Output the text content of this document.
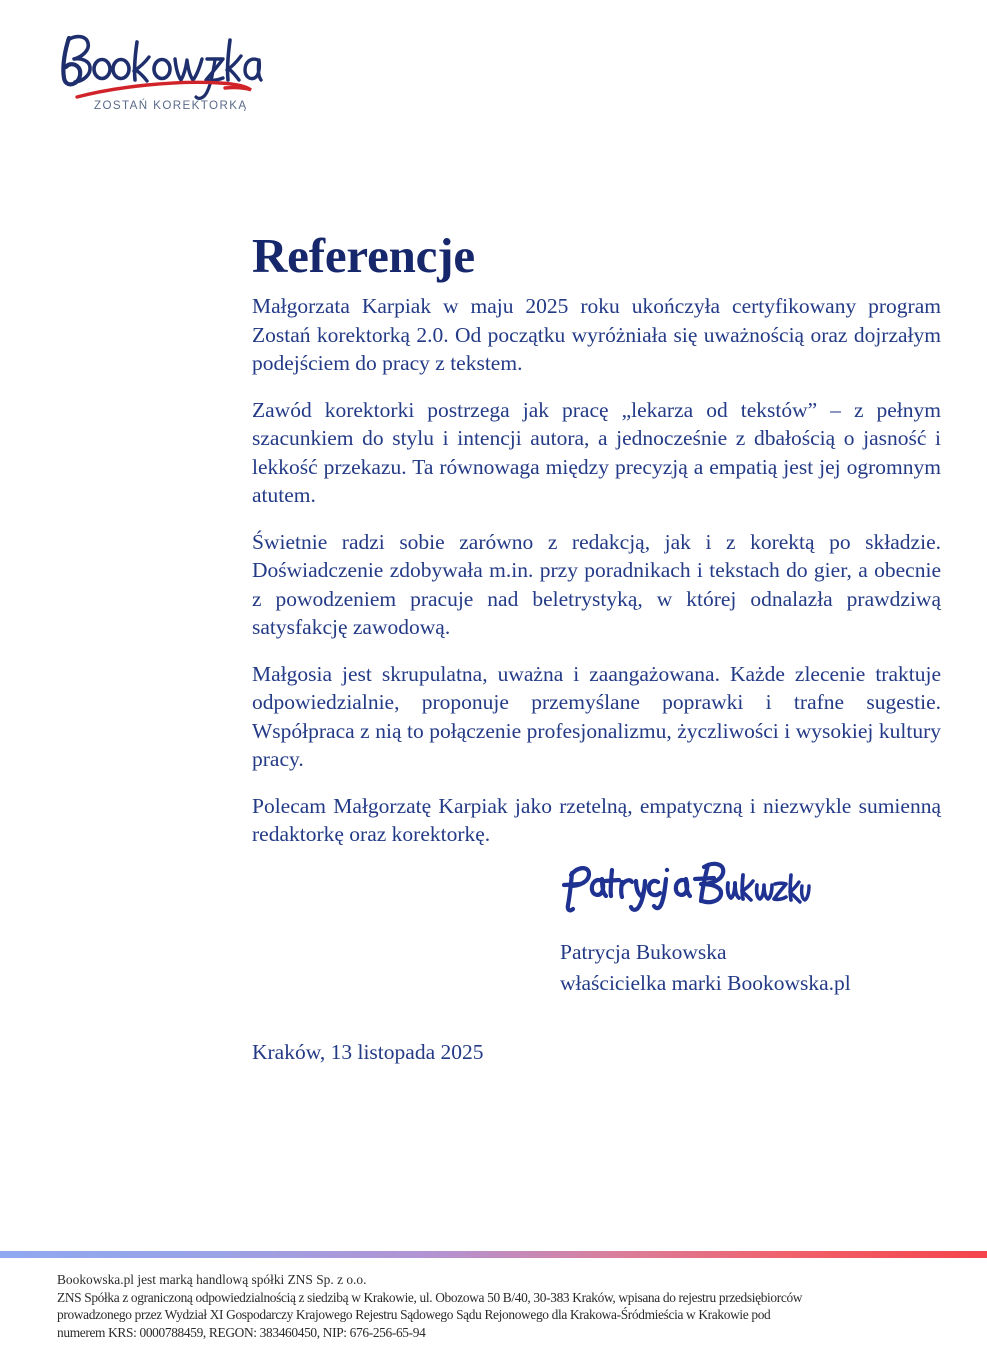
ZOSTAŃ KOREKTORKĄ
Referencje

Małgorzata Karpiak w maju 2025 roku ukończyła certyfikowany program Zostań korektorką 2.0. Od początku wyróżniała się uważnością oraz dojrzałym podejściem do pracy z tekstem.

Zawód korektorki postrzega jak pracę „lekarza od tekstów” – z pełnym szacunkiem do stylu i intencji autora, a jednocześnie z dbałością o jasność i lekkość przekazu. Ta równowaga między precyzją a empatią jest jej ogromnym atutem.

Świetnie radzi sobie zarówno z redakcją, jak i z korektą po składzie. Doświadczenie zdobywała m.in. przy poradnikach i tekstach do gier, a obecnie z powodzeniem pracuje nad beletrystyką, w której odnalazła prawdziwą satysfakcję zawodową.

Małgosia jest skrupulatna, uważna i zaangażowana. Każde zlecenie traktuje odpowiedzialnie, proponuje przemyślane poprawki i trafne sugestie. Współpraca z nią to połączenie profesjonalizmu, życzliwości i wysokiej kultury pracy.

Polecam Małgorzatę Karpiak jako rzetelną, empatyczną i niezwykle sumienną redaktorkę oraz korektorkę.

Patrycja Bukowska
właścicielka marki Bookowska.pl
Kraków, 13 listopada 2025
Bookowska.pl jest marką handlową spółki ZNS Sp. z o.o.
ZNS Spółka z ograniczoną odpowiedzialnością z siedzibą w Krakowie, ul. Obozowa 50 B/40, 30-383 Kraków, wpisana do rejestru przedsiębiorców
prowadzonego przez Wydział XI Gospodarczy Krajowego Rejestru Sądowego Sądu Rejonowego dla Krakowa-Śródmieścia w Krakowie pod
numerem KRS: 0000788459, REGON: 383460450, NIP: 676-256-65-94
